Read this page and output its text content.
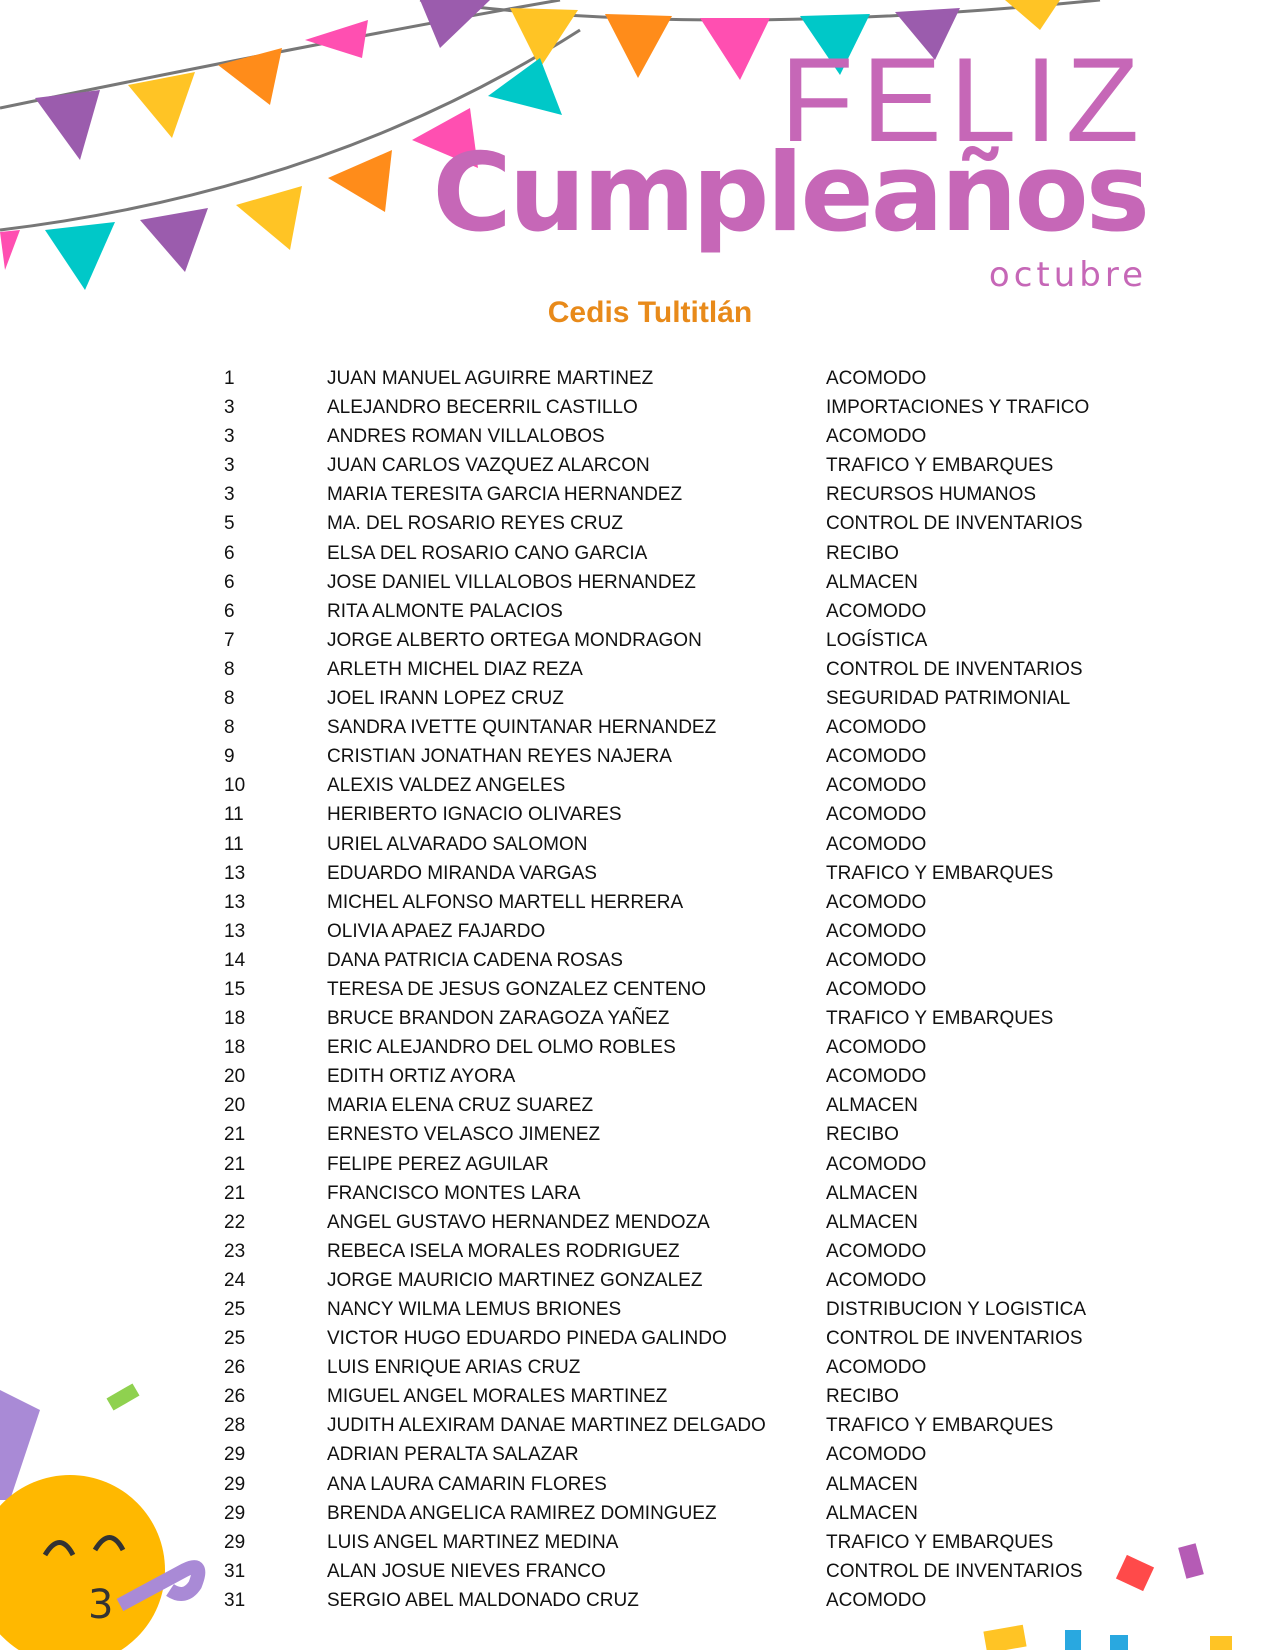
FELIZ
Cumpleaños
octubre
Cedis Tultitlán
1	JUAN MANUEL AGUIRRE MARTINEZ	ACOMODO
3	ALEJANDRO BECERRIL CASTILLO	IMPORTACIONES Y TRAFICO
3	ANDRES ROMAN VILLALOBOS	ACOMODO
3	JUAN CARLOS VAZQUEZ ALARCON	TRAFICO Y EMBARQUES
3	MARIA TERESITA GARCIA HERNANDEZ	RECURSOS HUMANOS
5	MA. DEL ROSARIO REYES CRUZ	CONTROL DE INVENTARIOS
6	ELSA DEL ROSARIO CANO GARCIA	RECIBO
6	JOSE DANIEL VILLALOBOS HERNANDEZ	ALMACEN
6	RITA ALMONTE PALACIOS	ACOMODO
7	JORGE ALBERTO ORTEGA MONDRAGON	LOGÍSTICA
8	ARLETH MICHEL DIAZ REZA	CONTROL DE INVENTARIOS
8	JOEL IRANN LOPEZ CRUZ	SEGURIDAD PATRIMONIAL
8	SANDRA IVETTE QUINTANAR HERNANDEZ	ACOMODO
9	CRISTIAN JONATHAN REYES NAJERA	ACOMODO
10	ALEXIS VALDEZ ANGELES	ACOMODO
11	HERIBERTO IGNACIO OLIVARES	ACOMODO
11	URIEL ALVARADO SALOMON	ACOMODO
13	EDUARDO MIRANDA VARGAS	TRAFICO Y EMBARQUES
13	MICHEL ALFONSO MARTELL HERRERA	ACOMODO
13	OLIVIA APAEZ FAJARDO	ACOMODO
14	DANA PATRICIA CADENA ROSAS	ACOMODO
15	TERESA DE JESUS GONZALEZ CENTENO	ACOMODO
18	BRUCE BRANDON ZARAGOZA YAÑEZ	TRAFICO Y EMBARQUES
18	ERIC ALEJANDRO DEL OLMO ROBLES	ACOMODO
20	EDITH ORTIZ AYORA	ACOMODO
20	MARIA ELENA CRUZ SUAREZ	ALMACEN
21	ERNESTO VELASCO JIMENEZ	RECIBO
21	FELIPE PEREZ AGUILAR	ACOMODO
21	FRANCISCO MONTES LARA	ALMACEN
22	ANGEL GUSTAVO HERNANDEZ MENDOZA	ALMACEN
23	REBECA ISELA MORALES RODRIGUEZ	ACOMODO
24	JORGE MAURICIO MARTINEZ GONZALEZ	ACOMODO
25	NANCY WILMA LEMUS BRIONES	DISTRIBUCION Y LOGISTICA
25	VICTOR HUGO EDUARDO PINEDA GALINDO	CONTROL DE INVENTARIOS
26	LUIS ENRIQUE ARIAS CRUZ	ACOMODO
26	MIGUEL ANGEL MORALES MARTINEZ	RECIBO
28	JUDITH ALEXIRAM DANAE MARTINEZ DELGADO	TRAFICO Y EMBARQUES
29	ADRIAN PERALTA SALAZAR	ACOMODO
29	ANA LAURA CAMARIN FLORES	ALMACEN
29	BRENDA ANGELICA RAMIREZ DOMINGUEZ	ALMACEN
29	LUIS ANGEL MARTINEZ MEDINA	TRAFICO Y EMBARQUES
31	ALAN JOSUE NIEVES FRANCO	CONTROL DE INVENTARIOS
31	SERGIO ABEL MALDONADO CRUZ	ACOMODO
3
